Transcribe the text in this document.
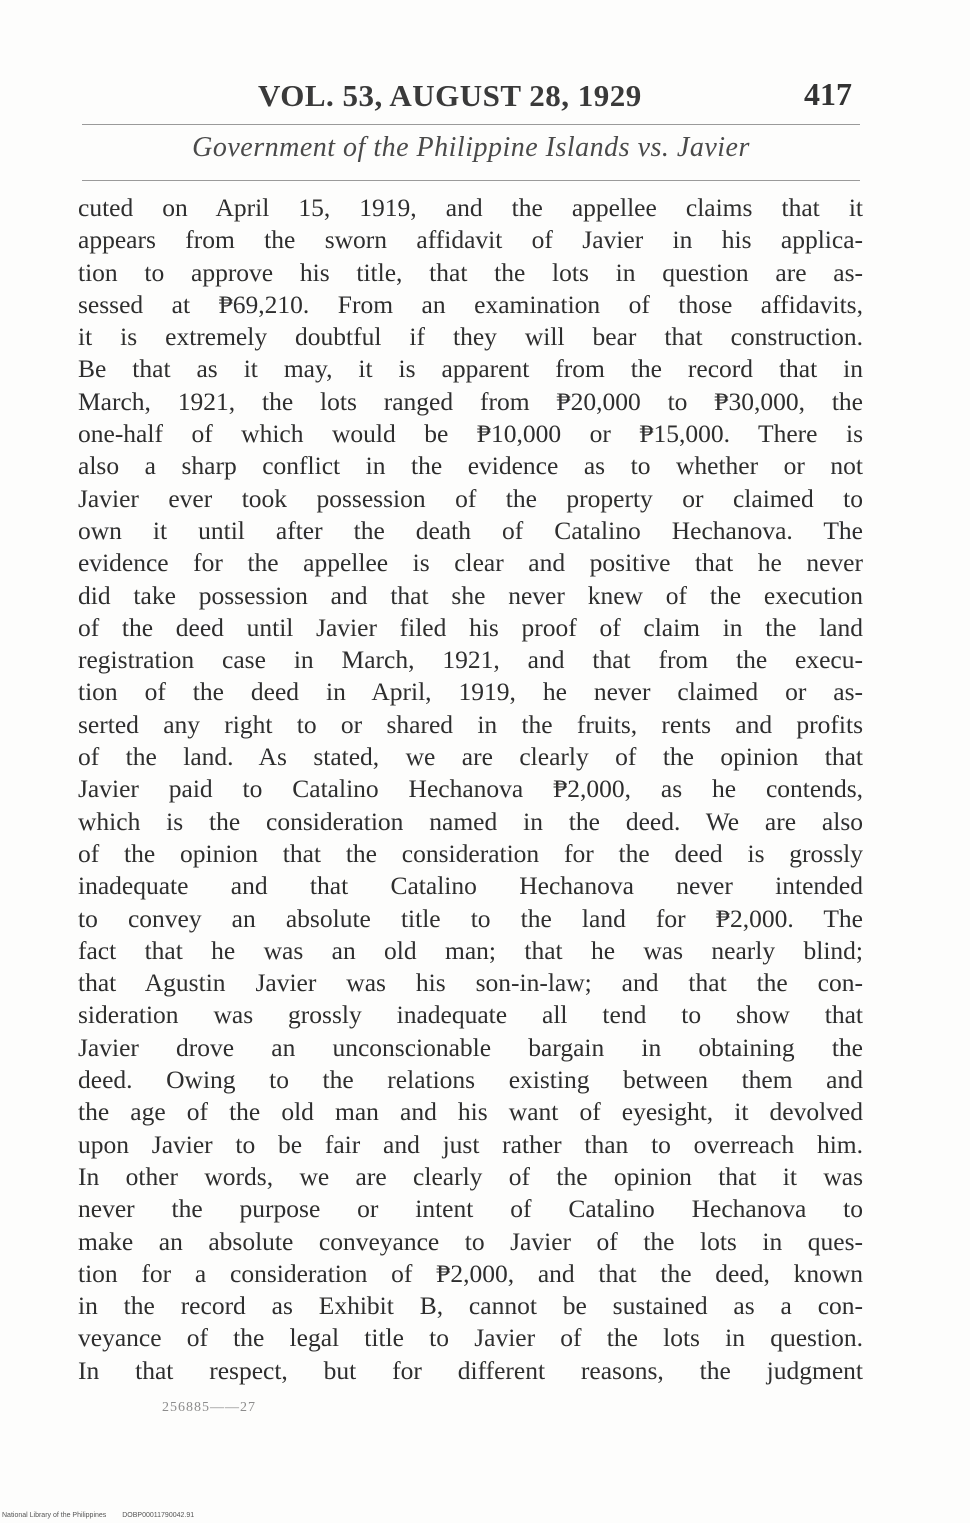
VOL. 53, AUGUST 28, 1929	417
Government of the Philippine Islands vs. Javier
cuted on April 15, 1919, and the appellee claims that it
appears from the sworn affidavit of Javier in his applica-
tion to approve his title, that the lots in question are as-
sessed at ₱69,210. From an examination of those affidavits,
it is extremely doubtful if they will bear that construction.
Be that as it may, it is apparent from the record that in
March, 1921, the lots ranged from ₱20,000 to ₱30,000, the
one-half of which would be ₱10,000 or ₱15,000. There is
also a sharp conflict in the evidence as to whether or not
Javier ever took possession of the property or claimed to
own it until after the death of Catalino Hechanova. The
evidence for the appellee is clear and positive that he never
did take possession and that she never knew of the execution
of the deed until Javier filed his proof of claim in the land
registration case in March, 1921, and that from the execu-
tion of the deed in April, 1919, he never claimed or as-
serted any right to or shared in the fruits, rents and profits
of the land. As stated, we are clearly of the opinion that
Javier paid to Catalino Hechanova ₱2,000, as he contends,
which is the consideration named in the deed. We are also
of the opinion that the consideration for the deed is grossly
inadequate and that Catalino Hechanova never intended
to convey an absolute title to the land for ₱2,000. The
fact that he was an old man; that he was nearly blind;
that Agustin Javier was his son-in-law; and that the con-
sideration was grossly inadequate all tend to show that
Javier drove an unconscionable bargain in obtaining the
deed. Owing to the relations existing between them and
the age of the old man and his want of eyesight, it devolved
upon Javier to be fair and just rather than to overreach him.
In other words, we are clearly of the opinion that it was
never the purpose or intent of Catalino Hechanova to
make an absolute conveyance to Javier of the lots in ques-
tion for a consideration of ₱2,000, and that the deed, known
in the record as Exhibit B, cannot be sustained as a con-
veyance of the legal title to Javier of the lots in question.
In that respect, but for different reasons, the judgment
256885——27
National Library of the Philippines DOBP00011790042.91
